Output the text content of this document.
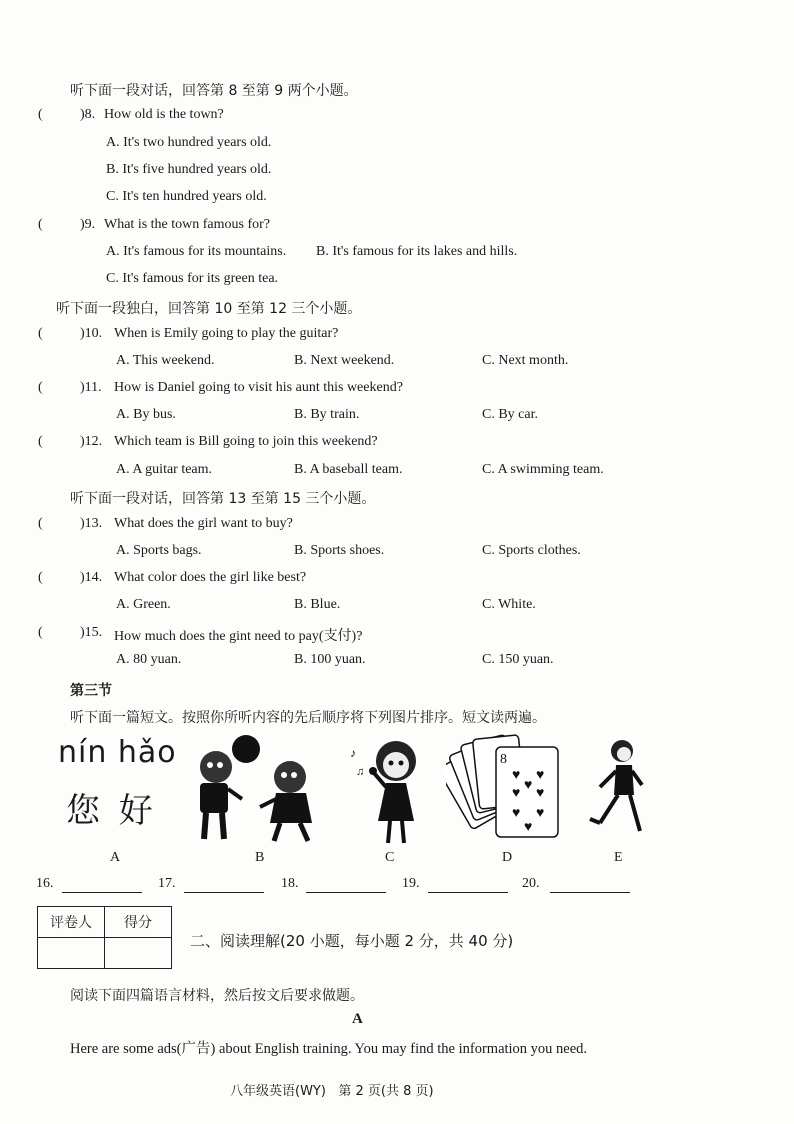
听下面一段对话，回答第 8 至第 9 两个小题。
(	)8. How old is the town?
A. It's two hundred years old.
B. It's five hundred years old.
C. It's ten hundred years old.
(	)9. What is the town famous for?
A. It's famous for its mountains. B. It's famous for its lakes and hills.
C. It's famous for its green tea.
听下面一段独白，回答第 10 至第 12 三个小题。
(	)10. When is Emily going to play the guitar?
A. This weekend.	B. Next weekend.	C. Next month.
(	)11. How is Daniel going to visit his aunt this weekend?
A. By bus.	B. By train.	C. By car.
(	)12. Which team is Bill going to join this weekend?
A. A guitar team.	B. A baseball team.	C. A swimming team.
听下面一段对话，回答第 13 至第 15 三个小题。
(	)13. What does the girl want to buy?
A. Sports bags.	B. Sports shoes.	C. Sports clothes.
(	)14. What color does the girl like best?
A. Green.	B. Blue.	C. White.
(	)15. How much does the gint need to pay(支付)?
A. 80 yuan.	B. 100 yuan.	C. 150 yuan.
第三节
听下面一篇短文。按照你所听内容的先后顺序将下列图片排序。短文读两遍。
nín hǎo
您 好
♪
♫
8
♥ ♥
♥ ♥
♥
♥ ♥
♥
A	B	C	D	E
16.	17.	18.	19.	20.
评卷人	得分

二、阅读理解(20 小题，每小题 2 分，共 40 分)
阅读下面四篇语言材料，然后按文后要求做题。
A
Here are some ads(广告) about English training. You may find the information you need.
八年级英语(WY)   第 2 页(共 8 页)
